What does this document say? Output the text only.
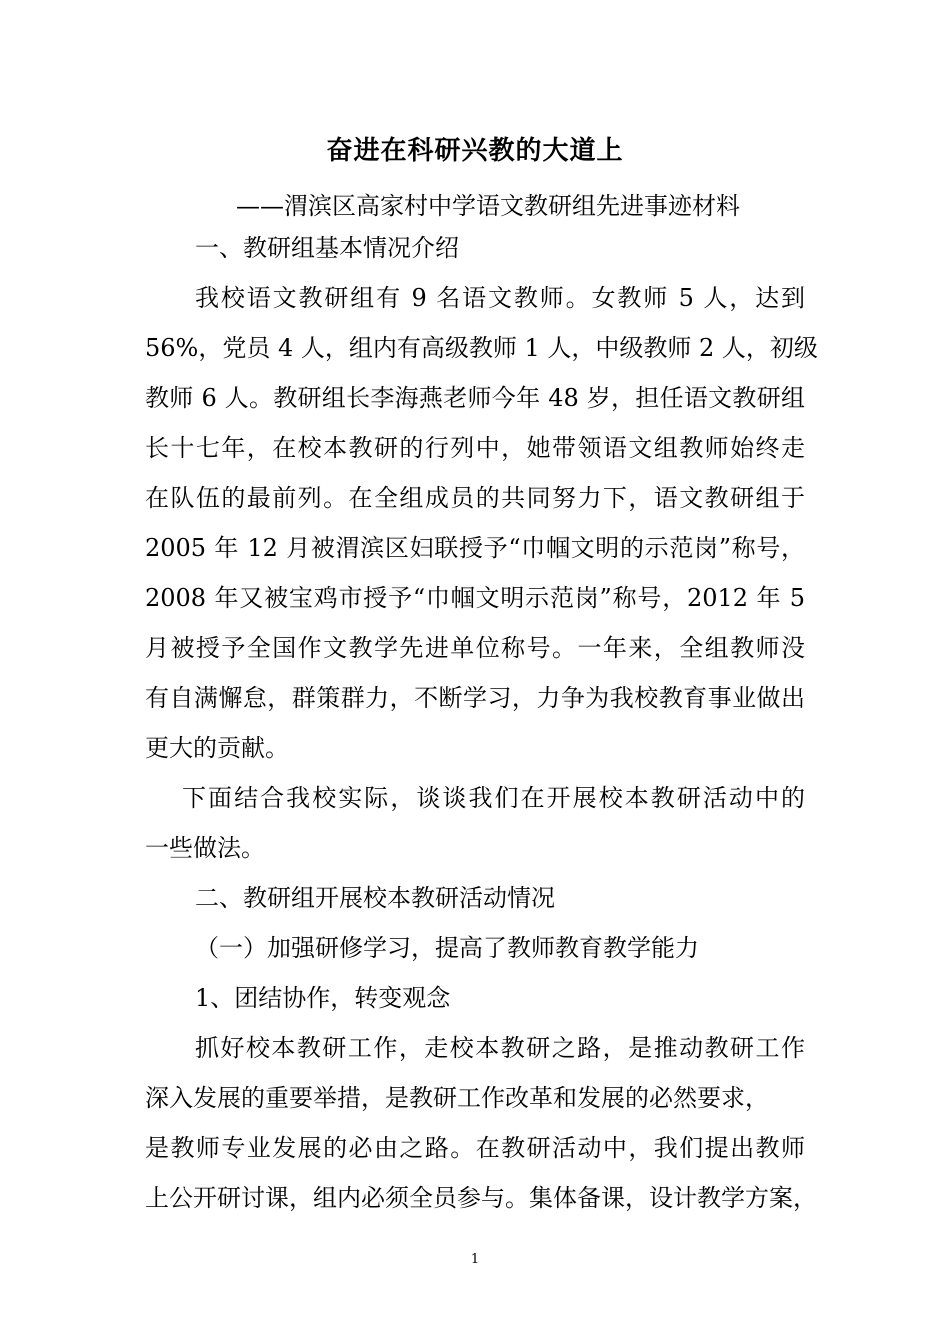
奋进在科研兴教的大道上
——渭滨区高家村中学语文教研组先进事迹材料
一、教研组基本情况介绍
我校语文教研组有 9 名语文教师。女教师 5 人，达到
56%，党员 4 人，组内有高级教师 1 人，中级教师 2 人，初级
教师 6 人。教研组长李海燕老师今年 48 岁，担任语文教研组
长十七年，在校本教研的行列中，她带领语文组教师始终走
在队伍的最前列。在全组成员的共同努力下，语文教研组于
2005 年 12 月被渭滨区妇联授予“巾帼文明的示范岗”称号，
2008 年又被宝鸡市授予“巾帼文明示范岗”称号，2012 年 5
月被授予全国作文教学先进单位称号。一年来，全组教师没
有自满懈怠，群策群力，不断学习，力争为我校教育事业做出
更大的贡献。
下面结合我校实际，谈谈我们在开展校本教研活动中的
一些做法。
二、教研组开展校本教研活动情况
（一）加强研修学习，提高了教师教育教学能力
1、团结协作，转变观念
抓好校本教研工作，走校本教研之路，是推动教研工作
深入发展的重要举措，是教研工作改革和发展的必然要求，
是教师专业发展的必由之路。在教研活动中，我们提出教师
上公开研讨课，组内必须全员参与。集体备课，设计教学方案，
1
